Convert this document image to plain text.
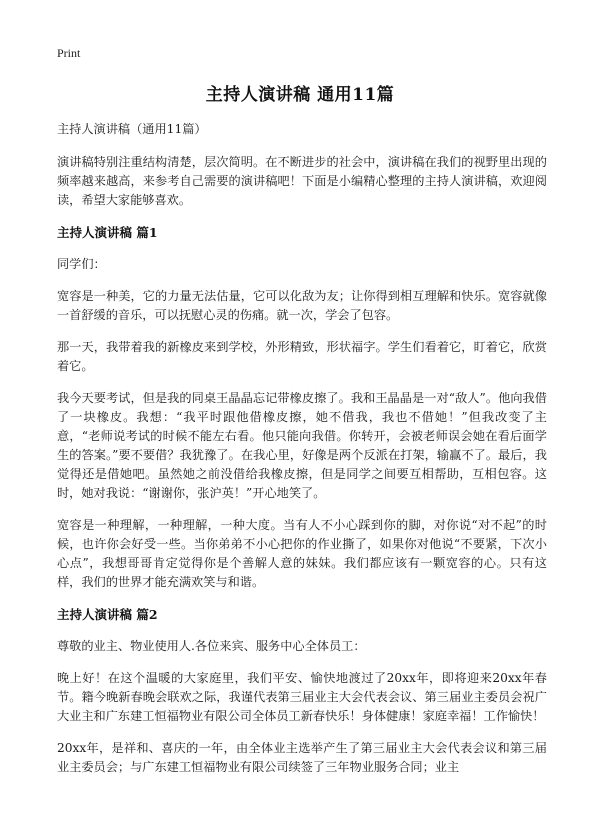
Print
主持人演讲稿 通用11篇

主持人演讲稿（通用11篇）

演讲稿特别注重结构清楚，层次简明。在不断进步的社会中，演讲稿在我们的视野里出现的频率越来越高，来参考自己需要的演讲稿吧！下面是小编精心整理的主持人演讲稿，欢迎阅读，希望大家能够喜欢。

主持人演讲稿 篇1

同学们：

宽容是一种美，它的力量无法估量，它可以化敌为友；让你得到相互理解和快乐。宽容就像一首舒缓的音乐，可以抚慰心灵的伤痛。就一次，学会了包容。

那一天，我带着我的新橡皮来到学校，外形精致，形状福字。学生们看着它，盯着它，欣赏着它。

我今天要考试，但是我的同桌王晶晶忘记带橡皮擦了。我和王晶晶是一对“敌人”。他向我借了一块橡皮。我想：“我平时跟他借橡皮擦，她不借我，我也不借她！”但我改变了主意，“老师说考试的时候不能左右看。他只能向我借。你转开，会被老师误会她在看后面学生的答案。”要不要借？我犹豫了。在我心里，好像是两个反派在打架，输赢不了。最后，我觉得还是借她吧。虽然她之前没借给我橡皮擦，但是同学之间要互相帮助，互相包容。这时，她对我说：“谢谢你，张沪英！”开心地笑了。

宽容是一种理解，一种理解，一种大度。当有人不小心踩到你的脚，对你说“对不起”的时候，也许你会好受一些。当你弟弟不小心把你的作业撕了，如果你对他说“不要紧，下次小心点”，我想哥哥肯定觉得你是个善解人意的妹妹。我们都应该有一颗宽容的心。只有这样，我们的世界才能充满欢笑与和谐。

主持人演讲稿 篇2

尊敬的业主、物业使用人.各位来宾、服务中心全体员工：

晚上好！在这个温暖的大家庭里，我们平安、愉快地渡过了20xx年，即将迎来20xx年春节。籍今晚新春晚会联欢之际，我谨代表第三届业主大会代表会议、第三届业主委员会祝广大业主和广东建工恒福物业有限公司全体员工新春快乐！身体健康！家庭幸福！工作愉快！

20xx年，是祥和、喜庆的一年，由全体业主选举产生了第三届业主大会代表会议和第三届业主委员会；与广东建工恒福物业有限公司续签了三年物业服务合同；业主
